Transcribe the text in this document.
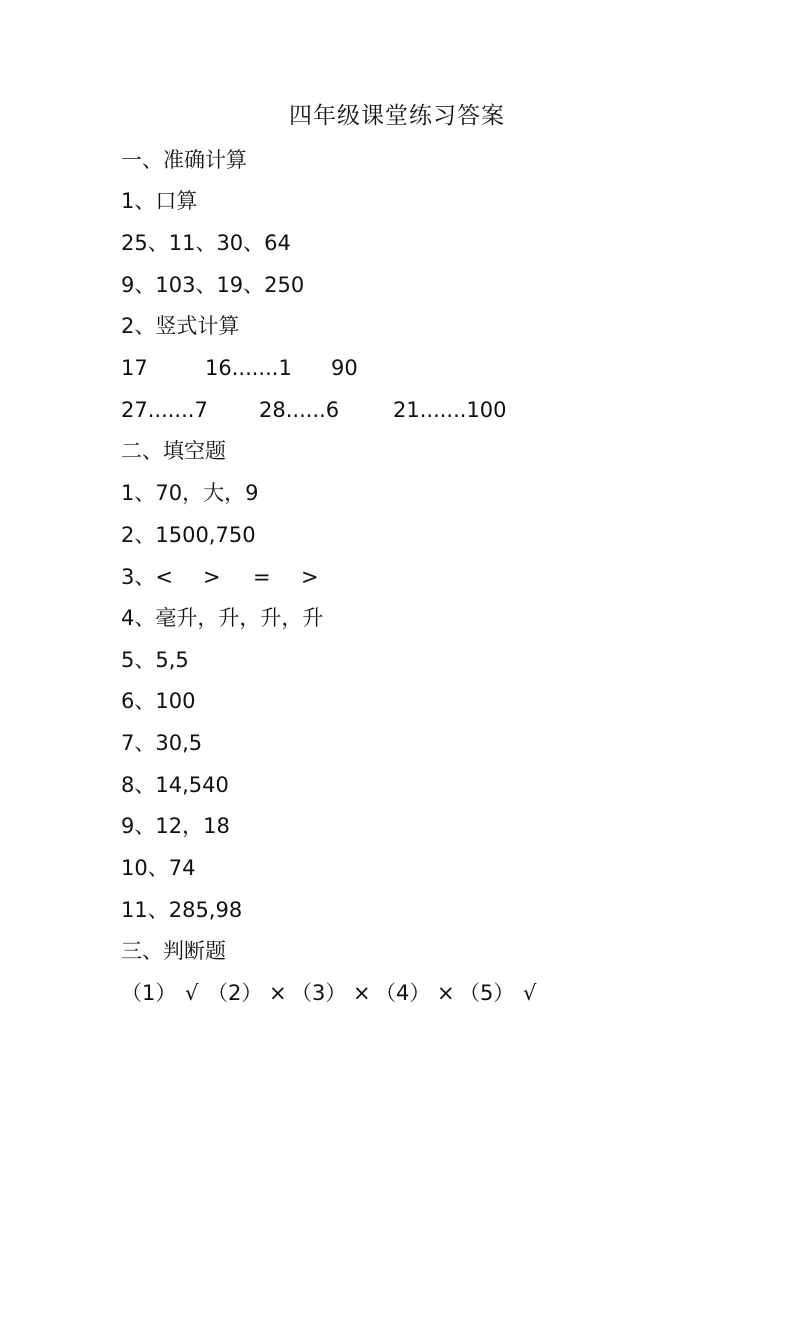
四年级课堂练习答案
一、准确计算
1、口算
25、11、30、64
9、103、19、250
2、竖式计算

17

	16.......1

90

27.......7

28......6

	21.......100

二、填空题
1、70，大，9
2、1500,750

3、<

>

=

>

4、毫升，升，升，升
5、5,5
6、100
7、30,5
8、14,540
9、12，18
10、74
11、285,98
三、判断题

（1）

√

（2）

×

（3）

×

（4）

×

（5）

√
